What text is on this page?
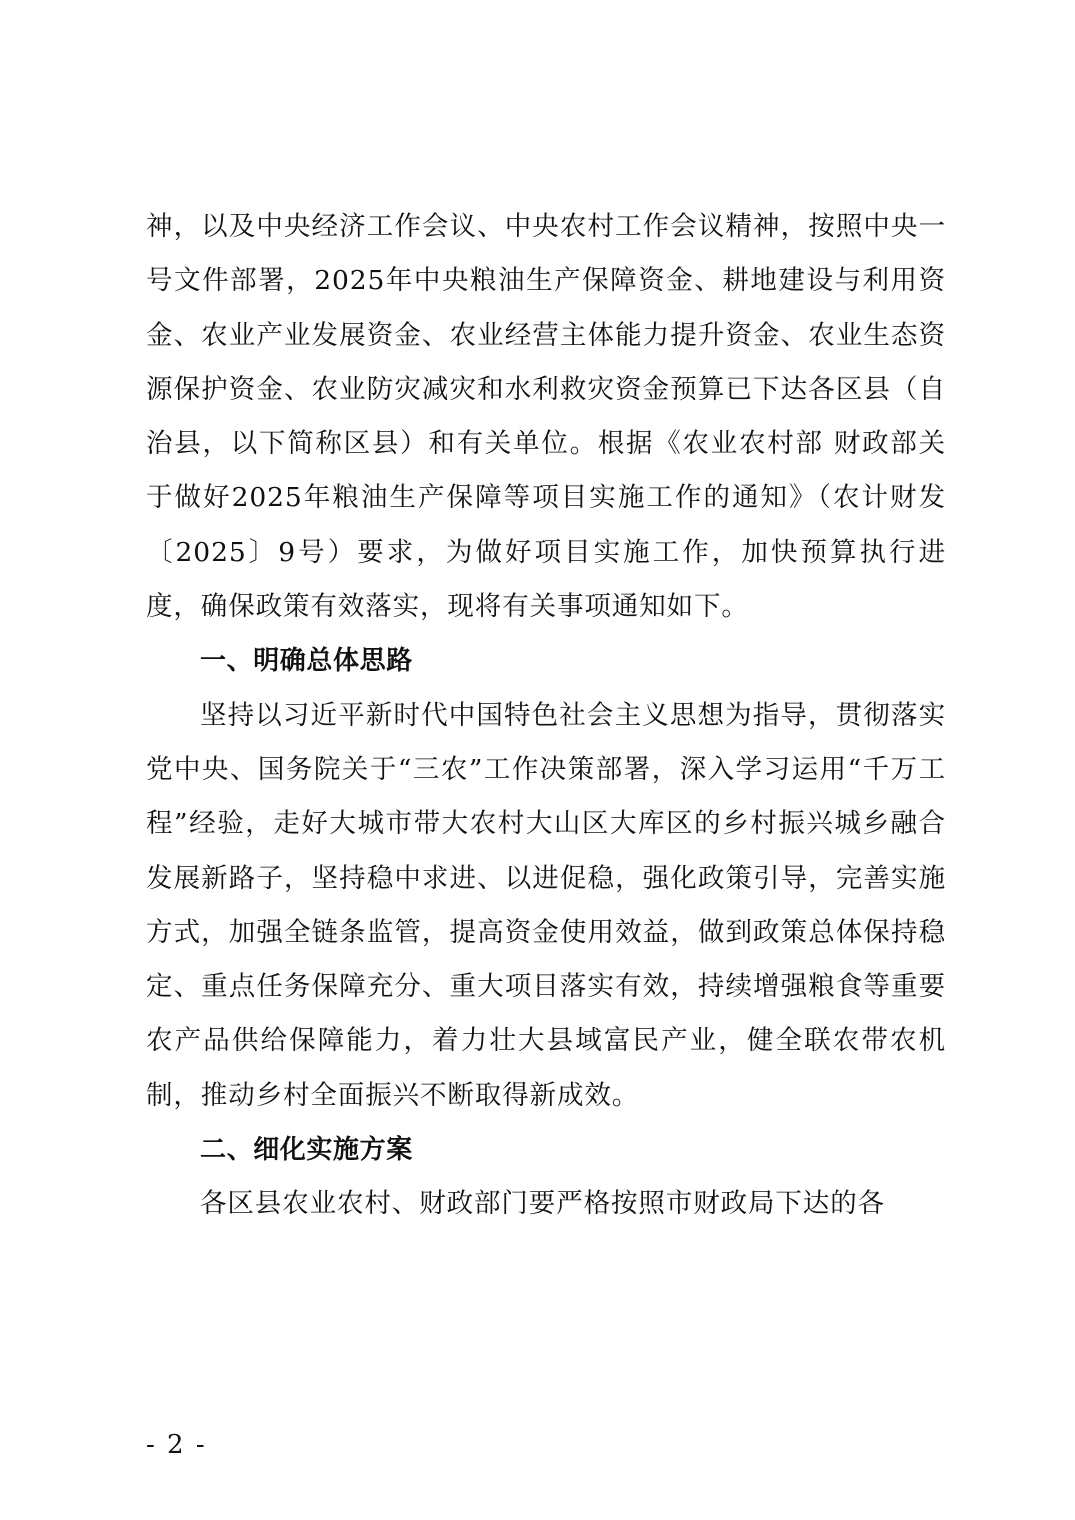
神，以及中央经济工作会议、中央农村工作会议精神，按照中央一号文件部署，2025年中央粮油生产保障资金、耕地建设与利用资金、农业产业发展资金、农业经营主体能力提升资金、农业生态资源保护资金、农业防灾减灾和水利救灾资金预算已下达各区县（自治县，以下简称区县）和有关单位。根据《农业农村部 财政部关于做好2025年粮油生产保障等项目实施工作的通知》（农计财发〔2025〕9号）要求，为做好项目实施工作，加快预算执行进度，确保政策有效落实，现将有关事项通知如下。

一、明确总体思路

坚持以习近平新时代中国特色社会主义思想为指导，贯彻落实党中央、国务院关于“三农”工作决策部署，深入学习运用“千万工程”经验，走好大城市带大农村大山区大库区的乡村振兴城乡融合发展新路子，坚持稳中求进、以进促稳，强化政策引导，完善实施方式，加强全链条监管，提高资金使用效益，做到政策总体保持稳定、重点任务保障充分、重大项目落实有效，持续增强粮食等重要农产品供给保障能力，着力壮大县域富民产业，健全联农带农机制，推动乡村全面振兴不断取得新成效。

二、细化实施方案

各区县农业农村、财政部门要严格按照市财政局下达的各

- 2 -
